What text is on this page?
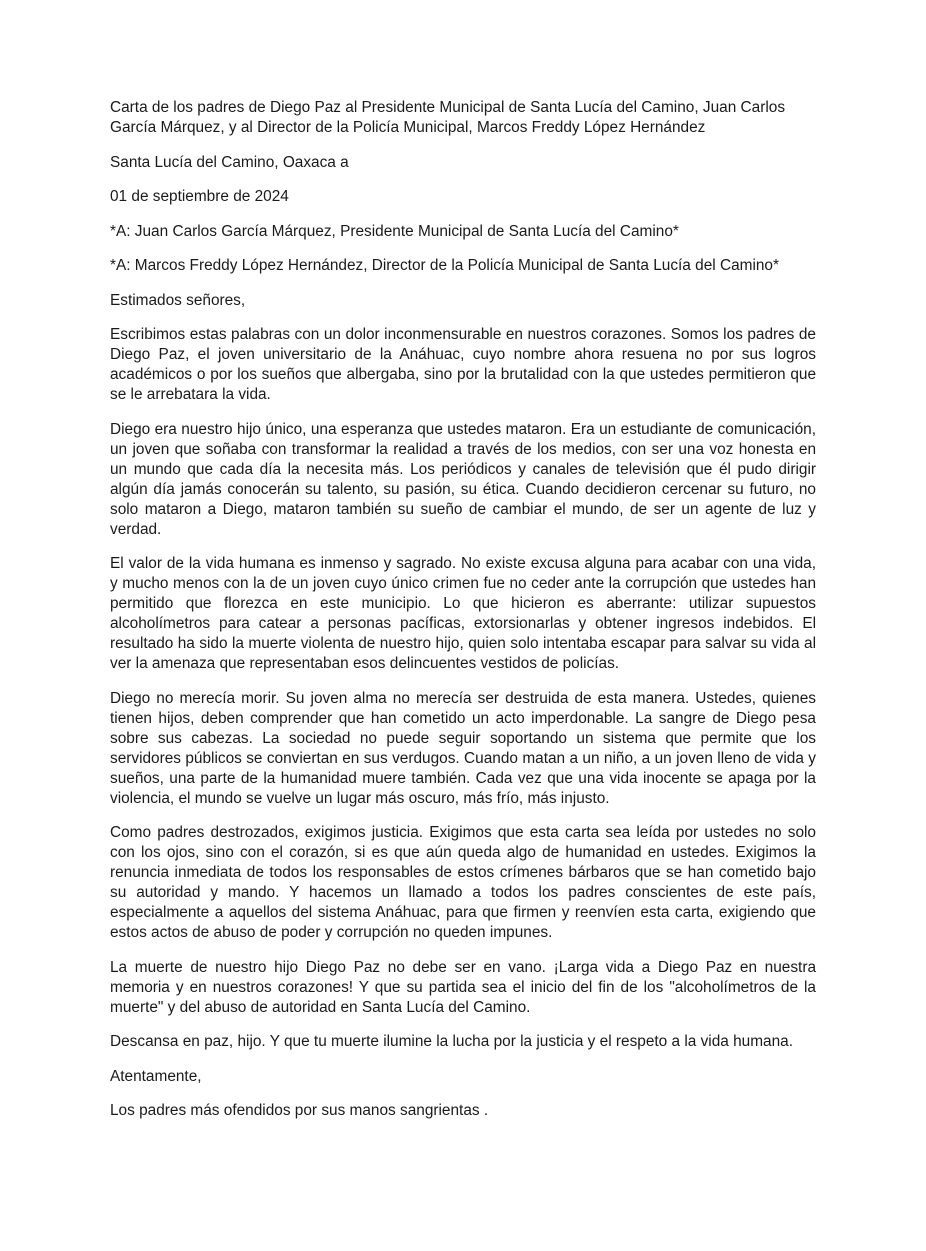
Carta de los padres de Diego Paz al Presidente Municipal de Santa Lucía del Camino, Juan Carlos García Márquez, y al Director de la Policía Municipal, Marcos Freddy López Hernández

Santa Lucía del Camino, Oaxaca a

01 de septiembre de 2024

*A: Juan Carlos García Márquez, Presidente Municipal de Santa Lucía del Camino*

*A: Marcos Freddy López Hernández, Director de la Policía Municipal de Santa Lucía del Camino*

Estimados señores,

Escribimos estas palabras con un dolor inconmensurable en nuestros corazones. Somos los padres de Diego Paz, el joven universitario de la Anáhuac, cuyo nombre ahora resuena no por sus logros académicos o por los sueños que albergaba, sino por la brutalidad con la que ustedes permitieron que se le arrebatara la vida.

Diego era nuestro hijo único, una esperanza que ustedes mataron. Era un estudiante de comunicación, un joven que soñaba con transformar la realidad a través de los medios, con ser una voz honesta en un mundo que cada día la necesita más. Los periódicos y canales de televisión que él pudo dirigir algún día jamás conocerán su talento, su pasión, su ética. Cuando decidieron cercenar su futuro, no solo mataron a Diego, mataron también su sueño de cambiar el mundo, de ser un agente de luz y verdad.

El valor de la vida humana es inmenso y sagrado. No existe excusa alguna para acabar con una vida, y mucho menos con la de un joven cuyo único crimen fue no ceder ante la corrupción que ustedes han permitido que florezca en este municipio. Lo que hicieron es aberrante: utilizar supuestos alcoholímetros para catear a personas pacíficas, extorsionarlas y obtener ingresos indebidos. El resultado ha sido la muerte violenta de nuestro hijo, quien solo intentaba escapar para salvar su vida al ver la amenaza que representaban esos delincuentes vestidos de policías.

Diego no merecía morir. Su joven alma no merecía ser destruida de esta manera. Ustedes, quienes tienen hijos, deben comprender que han cometido un acto imperdonable. La sangre de Diego pesa sobre sus cabezas. La sociedad no puede seguir soportando un sistema que permite que los servidores públicos se conviertan en sus verdugos. Cuando matan a un niño, a un joven lleno de vida y sueños, una parte de la humanidad muere también. Cada vez que una vida inocente se apaga por la violencia, el mundo se vuelve un lugar más oscuro, más frío, más injusto.

Como padres destrozados, exigimos justicia. Exigimos que esta carta sea leída por ustedes no solo con los ojos, sino con el corazón, si es que aún queda algo de humanidad en ustedes. Exigimos la renuncia inmediata de todos los responsables de estos crímenes bárbaros que se han cometido bajo su autoridad y mando. Y hacemos un llamado a todos los padres conscientes de este país, especialmente a aquellos del sistema Anáhuac, para que firmen y reenvíen esta carta, exigiendo que estos actos de abuso de poder y corrupción no queden impunes.

La muerte de nuestro hijo Diego Paz no debe ser en vano. ¡Larga vida a Diego Paz en nuestra memoria y en nuestros corazones! Y que su partida sea el inicio del fin de los "alcoholímetros de la muerte" y del abuso de autoridad en Santa Lucía del Camino.

Descansa en paz, hijo. Y que tu muerte ilumine la lucha por la justicia y el respeto a la vida humana.

Atentamente,

Los padres más ofendidos por sus manos sangrientas .
